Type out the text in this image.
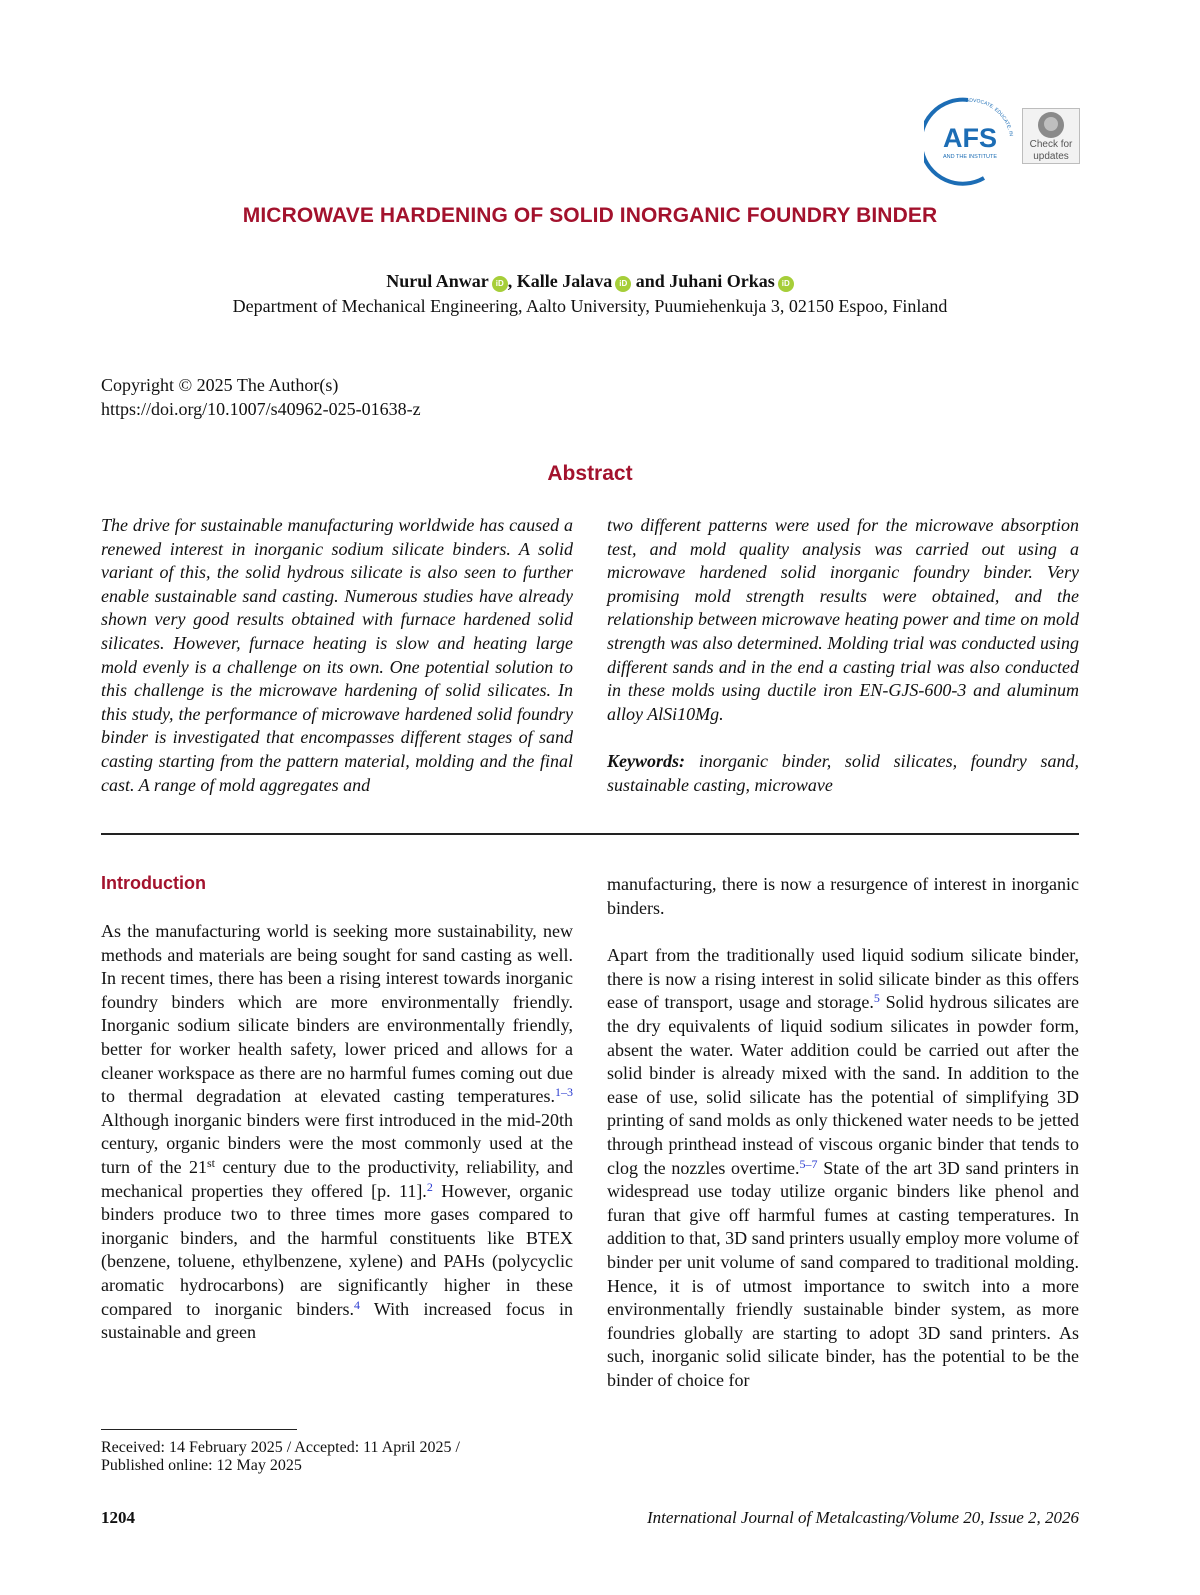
AFS
AND THE INSTITUTE
ADVOCATE. EDUCATE. IN
Check for
updates
MICROWAVE HARDENING OF SOLID INORGANIC FOUNDRY BINDER
Nurul Anwar iD , Kalle Jalava iD and Juhani Orkas iD
Department of Mechanical Engineering, Aalto University, Puumiehenkuja 3, 02150 Espoo, Finland
Copyright © 2025 The Author(s)
https://doi.org/10.1007/s40962-025-01638-z
Abstract

The drive for sustainable manufacturing worldwide has caused a renewed interest in inorganic sodium silicate binders. A solid variant of this, the solid hydrous silicate is also seen to further enable sustainable sand casting. Numerous studies have already shown very good results obtained with furnace hardened solid silicates. However, furnace heating is slow and heating large mold evenly is a challenge on its own. One potential solution to this challenge is the microwave hardening of solid silicates. In this study, the performance of microwave hardened solid foundry binder is investigated that encompasses different stages of sand casting starting from the pattern material, molding and the final cast. A range of mold aggregates and

two different patterns were used for the microwave absorption test, and mold quality analysis was carried out using a microwave hardened solid inorganic foundry binder. Very promising mold strength results were obtained, and the relationship between microwave heating power and time on mold strength was also determined. Molding trial was conducted using different sands and in the end a casting trial was also conducted in these molds using ductile iron EN-GJS-600-3 and aluminum alloy AlSi10Mg.

Keywords: inorganic binder, solid silicates, foundry sand, sustainable casting, microwave

Introduction

As the manufacturing world is seeking more sustainability, new methods and materials are being sought for sand casting as well. In recent times, there has been a rising interest towards inorganic foundry binders which are more environmentally friendly. Inorganic sodium silicate binders are environmentally friendly, better for worker health safety, lower priced and allows for a cleaner workspace as there are no harmful fumes coming out due to thermal degradation at elevated casting temperatures.$^{1-3}$ Although inorganic binders were first introduced in the mid-20th century, organic binders were the most commonly used at the turn of the 21st century due to the productivity, reliability, and mechanical properties they offered [p. 11].$^2$ However, organic binders produce two to three times more gases compared to inorganic binders, and the harmful constituents like BTEX (benzene, toluene, ethylbenzene, xylene) and PAHs (polycyclic aromatic hydrocarbons) are significantly higher in these compared to inorganic binders.$^4$ With increased focus in sustainable and green

manufacturing, there is now a resurgence of interest in inorganic binders.

Apart from the traditionally used liquid sodium silicate binder, there is now a rising interest in solid silicate binder as this offers ease of transport, usage and storage.$^5$ Solid hydrous silicates are the dry equivalents of liquid sodium silicates in powder form, absent the water. Water addition could be carried out after the solid binder is already mixed with the sand. In addition to the ease of use, solid silicate has the potential of simplifying 3D printing of sand molds as only thickened water needs to be jetted through printhead instead of viscous organic binder that tends to clog the nozzles overtime.$^{5-7}$ State of the art 3D sand printers in widespread use today utilize organic binders like phenol and furan that give off harmful fumes at casting temperatures. In addition to that, 3D sand printers usually employ more volume of binder per unit volume of sand compared to traditional molding. Hence, it is of utmost importance to switch into a more environmentally friendly sustainable binder system, as more foundries globally are starting to adopt 3D sand printers. As such, inorganic solid silicate binder, has the potential to be the binder of choice for

Received: 14 February 2025 / Accepted: 11 April 2025 /
Published online: 12 May 2025
1204	International Journal of Metalcasting/Volume 20, Issue 2, 2026
